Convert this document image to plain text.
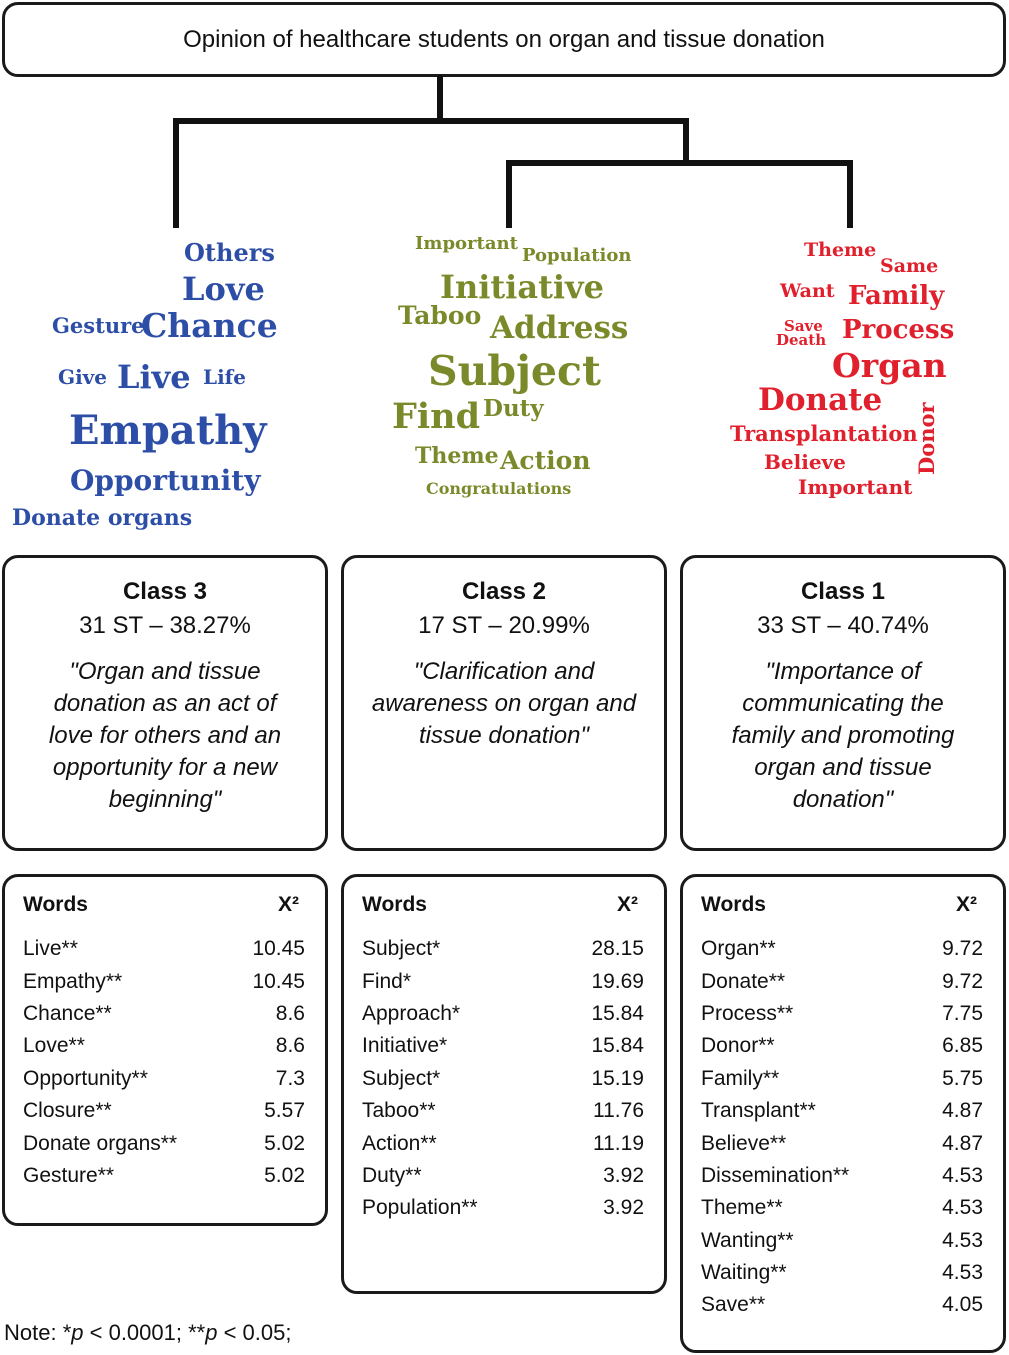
Opinion of healthcare students on organ and tissue donation
Others
Love
Gesture
Chance
Give Live Life
Empathy
Opportunity
Donate organs
Important
Population
Initiative
Taboo Address
Subject
Find Duty
Theme Action
Congratulations
Theme
Same
Want Family
Save
Death Process
Organ
Donate
Transplantation
Believe
Important
Donor
Class 3
31 ST – 38.27%
"Organ and tissue donation as an act of love for others and an opportunity for a new beginning"
Class 2
17 ST – 20.99%
"Clarification and awareness on organ and tissue donation"
Class 1
33 ST – 40.74%
"Importance of communicating the family and promoting organ and tissue donation"
Words	X²
Live**	10.45
Empathy**	10.45
Chance**	8.6
Love**	8.6
Opportunity**	7.3
Closure**	5.57
Donate organs**	5.02
Gesture**	5.02
Words	X²
Subject*	28.15
Find*	19.69
Approach*	15.84
Initiative*	15.84
Subject*	15.19
Taboo**	11.76
Action**	11.19
Duty**	3.92
Population**	3.92
Words	X²
Organ**	9.72
Donate**	9.72
Process**	7.75
Donor**	6.85
Family**	5.75
Transplant**	4.87
Believe**	4.87
Dissemination**	4.53
Theme**	4.53
Wanting**	4.53
Waiting**	4.53
Save**	4.05
Note: *p < 0.0001; **p < 0.05;
